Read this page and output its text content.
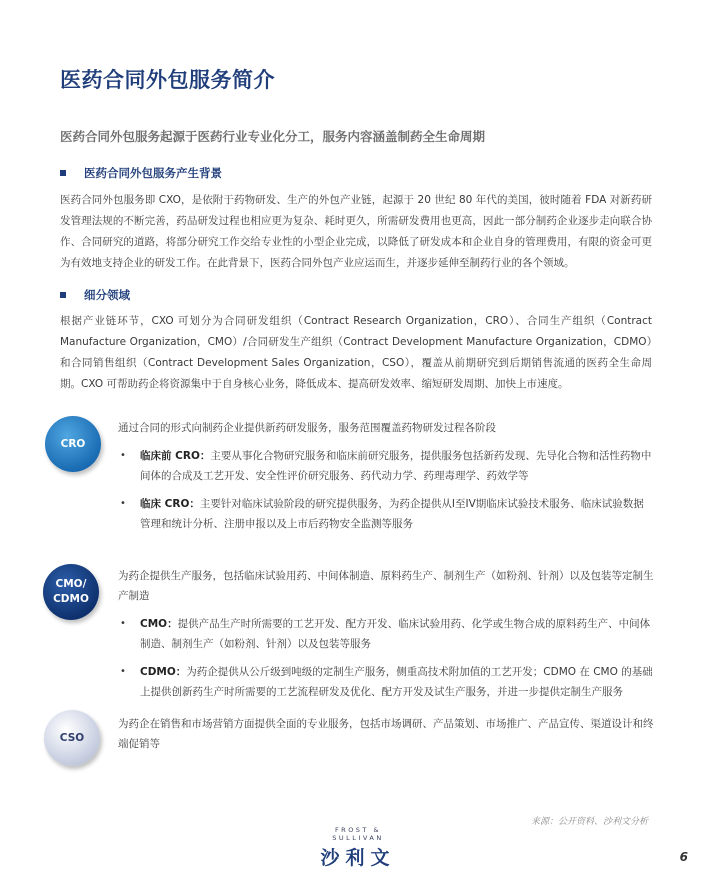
医药合同外包服务简介
医药合同外包服务起源于医药行业专业化分工，服务内容涵盖制药全生命周期
医药合同外包服务产生背景
医药合同外包服务即 CXO，是依附于药物研发、生产的外包产业链，起源于 20 世纪 80 年代的美国，彼时随着 FDA 对新药研发管理法规的不断完善，药品研发过程也相应更为复杂、耗时更久，所需研发费用也更高，因此一部分制药企业逐步走向联合协作、合同研究的道路，将部分研究工作交给专业性的小型企业完成，以降低了研发成本和企业自身的管理费用，有限的资金可更为有效地支持企业的研发工作。在此背景下，医药合同外包产业应运而生，并逐步延伸至制药行业的各个领域。
细分领域
根据产业链环节，CXO 可划分为合同研发组织（Contract Research Organization，CRO）、合同生产组织（Contract Manufacture Organization，CMO）/合同研发生产组织（Contract Development Manufacture Organization，CDMO）和合同销售组织（Contract Development Sales Organization，CSO），覆盖从前期研究到后期销售流通的医药全生命周期。CXO 可帮助药企将资源集中于自身核心业务，降低成本、提高研发效率、缩短研发周期、加快上市速度。
CRO

通过合同的形式向制药企业提供新药研发服务，服务范围覆盖药物研发过程各阶段

• 临床前 CRO：主要从事化合物研究服务和临床前研究服务，提供服务包括新药发现、先导化合物和活性药物中间体的合成及工艺开发、安全性评价研究服务、药代动力学、药理毒理学、药效学等
• 临床 CRO：主要针对临床试验阶段的研究提供服务，为药企提供从I至IV期临床试验技术服务、临床试验数据管理和统计分析、注册申报以及上市后药物安全监测等服务
CMO/
CDMO

为药企提供生产服务，包括临床试验用药、中间体制造、原料药生产、制剂生产（如粉剂、针剂）以及包装等定制生产制造

• CMO：提供产品生产时所需要的工艺开发、配方开发、临床试验用药、化学或生物合成的原料药生产、中间体制造、制剂生产（如粉剂、针剂）以及包装等服务
• CDMO：为药企提供从公斤级到吨级的定制生产服务，侧重高技术附加值的工艺开发；CDMO 在 CMO 的基础上提供创新药生产时所需要的工艺流程研发及优化、配方开发及试生产服务，并进一步提供定制生产服务
CSO

为药企在销售和市场营销方面提供全面的专业服务，包括市场调研、产品策划、市场推广、产品宣传、渠道设计和终端促销等

来源：公开资料、沙利文分析
FROST & SULLIVAN
沙利文	6
